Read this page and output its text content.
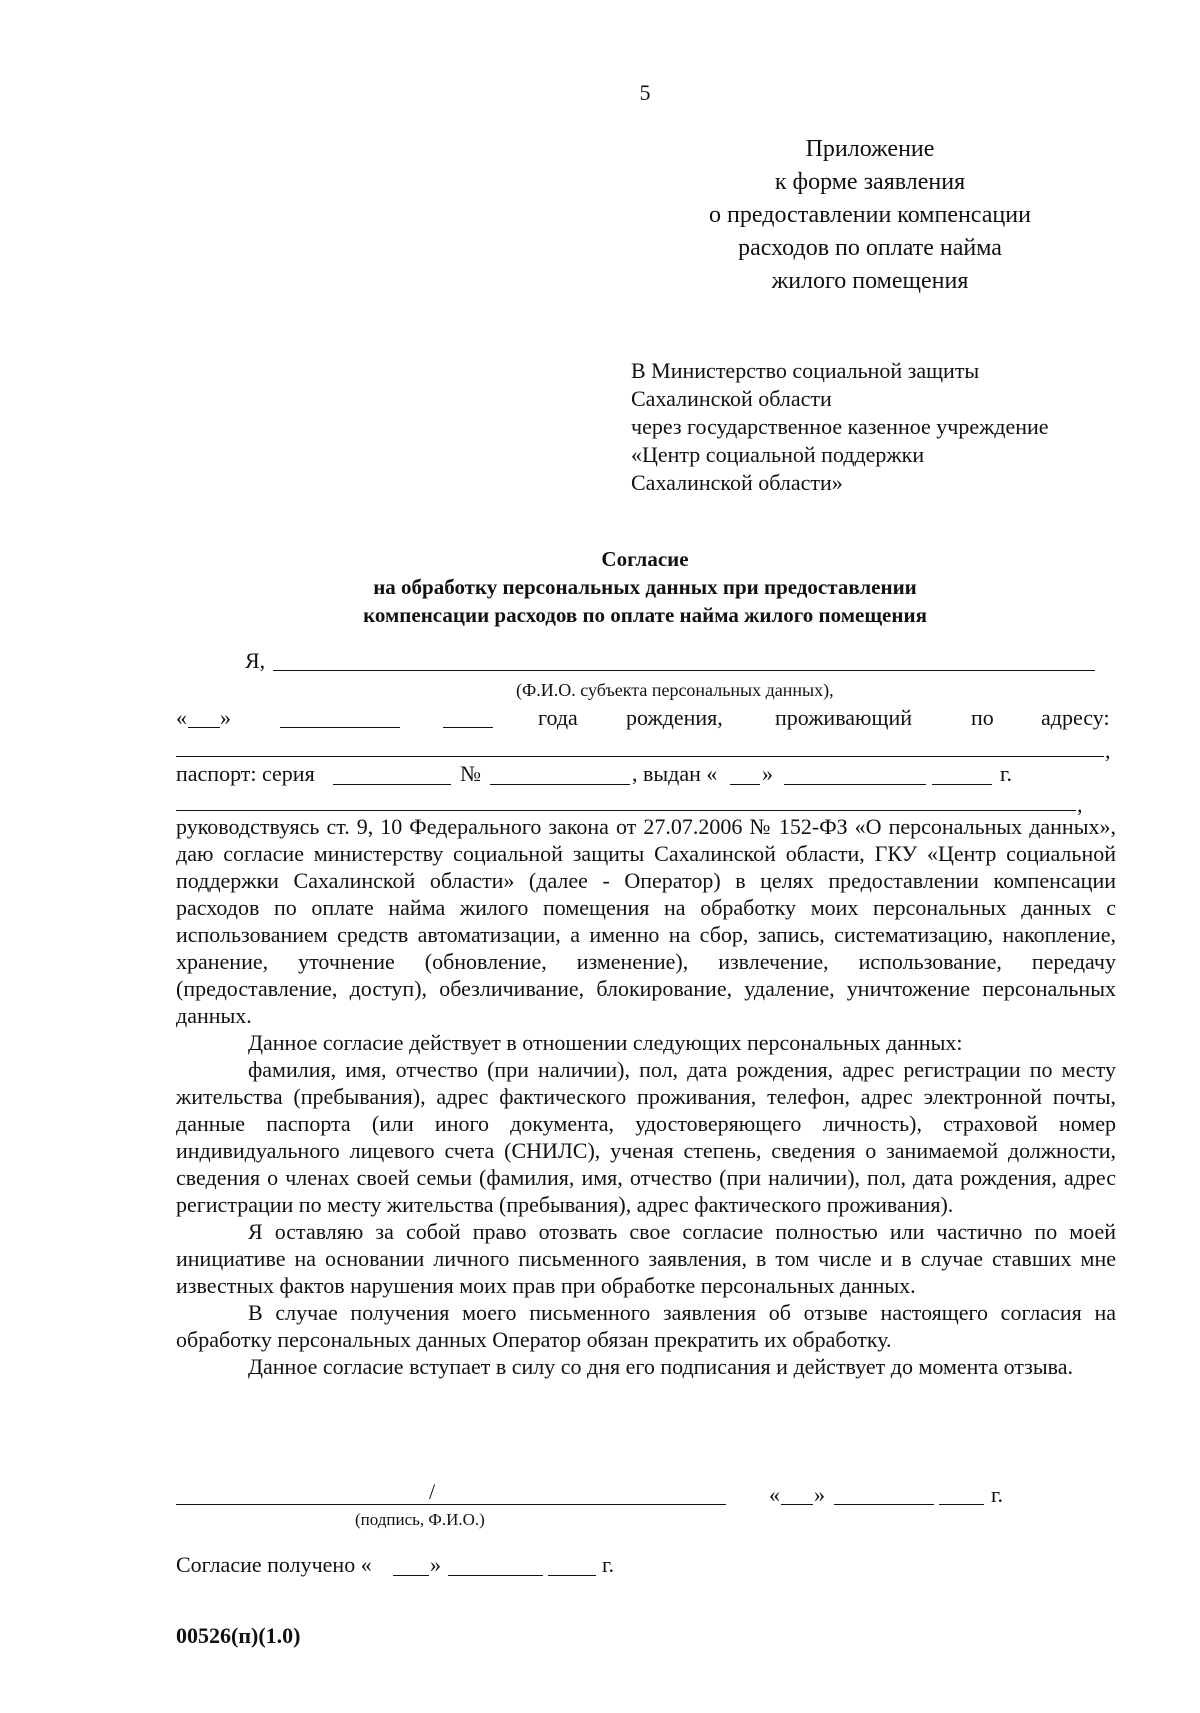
5
Приложение
к форме заявления
о предоставлении компенсации
расходов по оплате найма
жилого помещения
В Министерство социальной защиты
Сахалинской области
через государственное казенное учреждение
«Центр социальной поддержки
Сахалинской области»
Согласие
на обработку персональных данных при предоставлении
компенсации расходов по оплате найма жилого помещения
Я,
(Ф.И.О. субъекта персональных данных),
« »	года рождения, проживающий	по адресу:
,
паспорт: серия	№	, выдан « »	г.
,

руководствуясь ст. 9, 10 Федерального закона от 27.07.2006 № 152-ФЗ «О персональных данных», даю согласие министерству социальной защиты Сахалинской области, ГКУ «Центр социальной поддержки Сахалинской области» (далее - Оператор) в целях предоставлении компенсации расходов по оплате найма жилого помещения на обработку моих персональных данных с использованием средств автоматизации, а именно на сбор, запись, систематизацию, накопление, хранение, уточнение (обновление, изменение), извлечение, использование, передачу (предоставление, доступ), обезличивание, блокирование, удаление, уничтожение персональных данных.

Данное согласие действует в отношении следующих персональных данных:

фамилия, имя, отчество (при наличии), пол, дата рождения, адрес регистрации по месту жительства (пребывания), адрес фактического проживания, телефон, адрес электронной почты, данные паспорта (или иного документа, удостоверяющего личность), страховой номер индивидуального лицевого счета (СНИЛС), ученая степень, сведения о занимаемой должности, сведения о членах своей семьи (фамилия, имя, отчество (при наличии), пол, дата рождения, адрес регистрации по месту жительства (пребывания), адрес фактического проживания).

Я оставляю за собой право отозвать свое согласие полностью или частично по моей инициативе на основании личного письменного заявления, в том числе и в случае ставших мне известных фактов нарушения моих прав при обработке персональных данных.

В случае получения моего письменного заявления об отзыве настоящего согласия на обработку персональных данных Оператор обязан прекратить их обработку.

Данное согласие вступает в силу со дня его подписания и действует до момента отзыва.

/
(подпись, Ф.И.О.)
« »	г.
Согласие получено «	»	г.
00526(п)(1.0)
